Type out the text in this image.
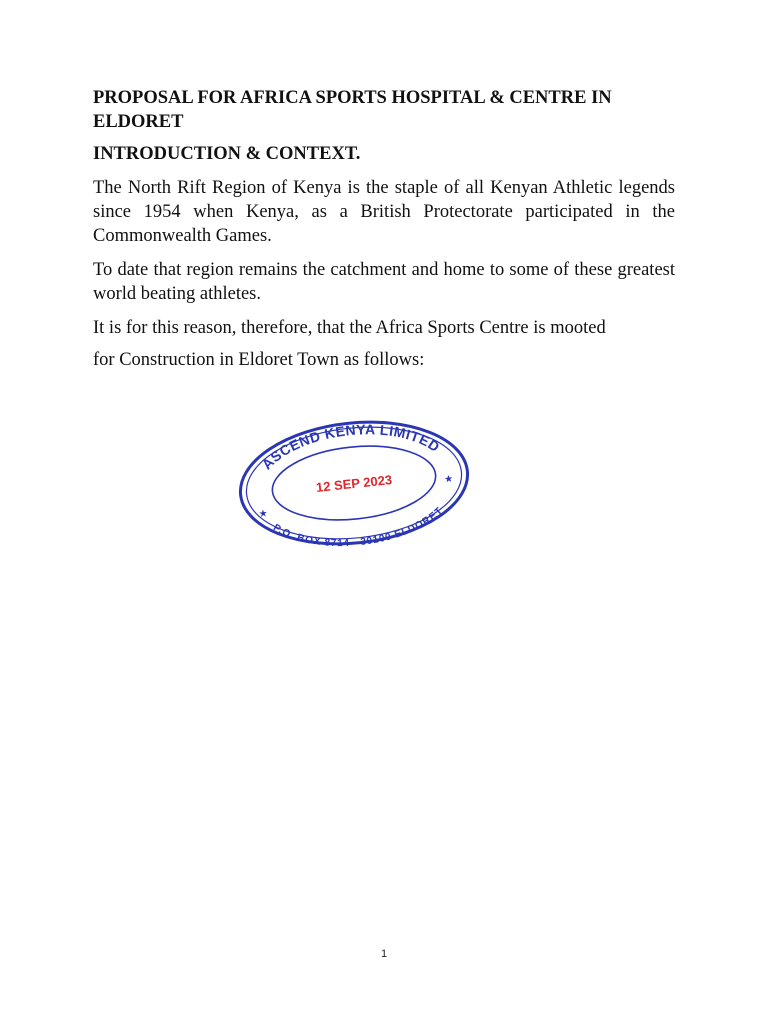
PROPOSAL FOR AFRICA SPORTS HOSPITAL & CENTRE IN ELDORET

INTRODUCTION & CONTEXT.

The North Rift Region of Kenya is the staple of all Kenyan Athletic legends since 1954 when Kenya, as a British Protectorate participated in the Commonwealth Games.

To date that region remains the catchment and home to some of these greatest world beating athletes.

It is for this reason, therefore, that the Africa Sports Centre is mooted

for Construction in Eldoret Town as follows:

ASCEND KENYA LIMITED
P.O. BOX 8714 - 30100 ELDORET
★
★
12 SEP 2023
1
